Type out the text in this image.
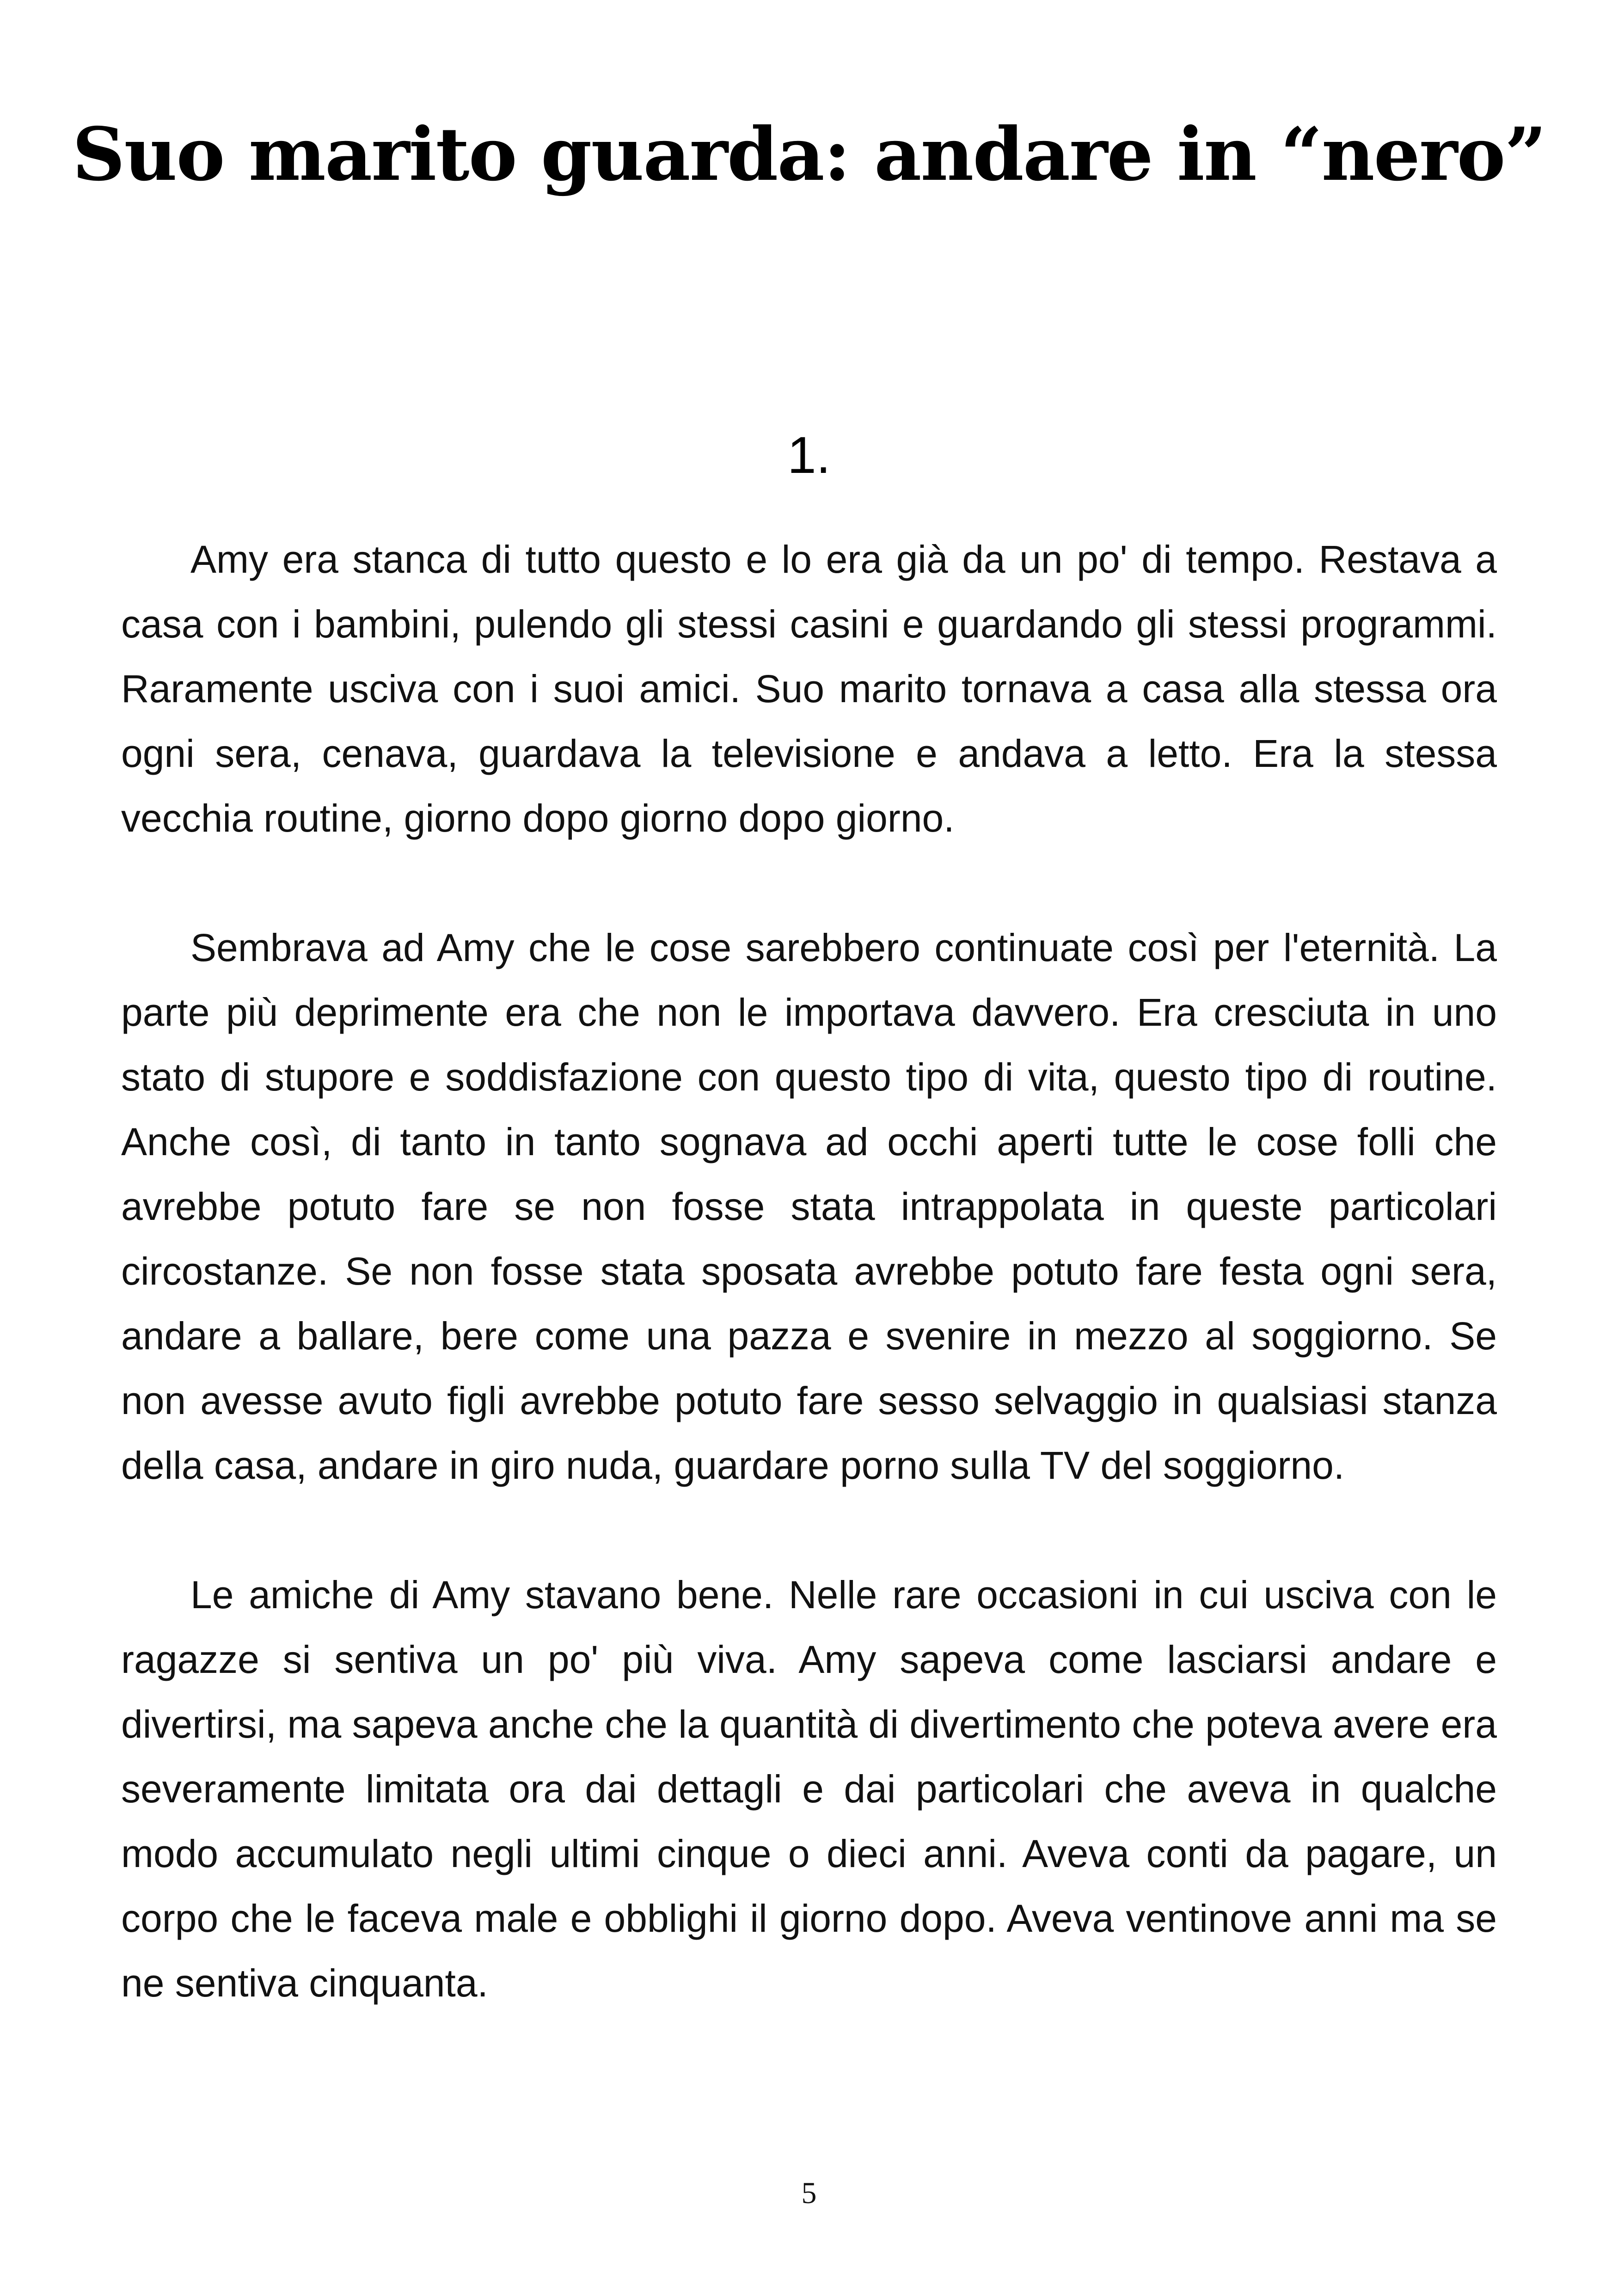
Suo marito guarda: andare in “nero”
1.

Amy era stanca di tutto questo e lo era già da un po' di tempo. Restava a casa con i bambini, pulendo gli stessi casini e guardando gli stessi programmi. Raramente usciva con i suoi amici. Suo marito tornava a casa alla stessa ora ogni sera, cenava, guardava la televisione e andava a letto. Era la stessa vecchia routine, giorno dopo giorno dopo giorno.

Sembrava ad Amy che le cose sarebbero continuate così per l'eternità. La parte più deprimente era che non le importava davvero. Era cresciuta in uno stato di stupore e soddisfazione con questo tipo di vita, questo tipo di routine. Anche così, di tanto in tanto sognava ad occhi aperti tutte le cose folli che avrebbe potuto fare se non fosse stata intrappolata in queste particolari circostanze. Se non fosse stata sposata avrebbe potuto fare festa ogni sera, andare a ballare, bere come una pazza e svenire in mezzo al soggiorno. Se non avesse avuto figli avrebbe potuto fare sesso selvaggio in qualsiasi stanza della casa, andare in giro nuda, guardare porno sulla TV del soggiorno.

Le amiche di Amy stavano bene. Nelle rare occasioni in cui usciva con le ragazze si sentiva un po' più viva. Amy sapeva come lasciarsi andare e divertirsi, ma sapeva anche che la quantità di divertimento che poteva avere era severamente limitata ora dai dettagli e dai particolari che aveva in qualche modo accumulato negli ultimi cinque o dieci anni. Aveva conti da pagare, un corpo che le faceva male e obblighi il giorno dopo. Aveva ventinove anni ma se ne sentiva cinquanta.

5
